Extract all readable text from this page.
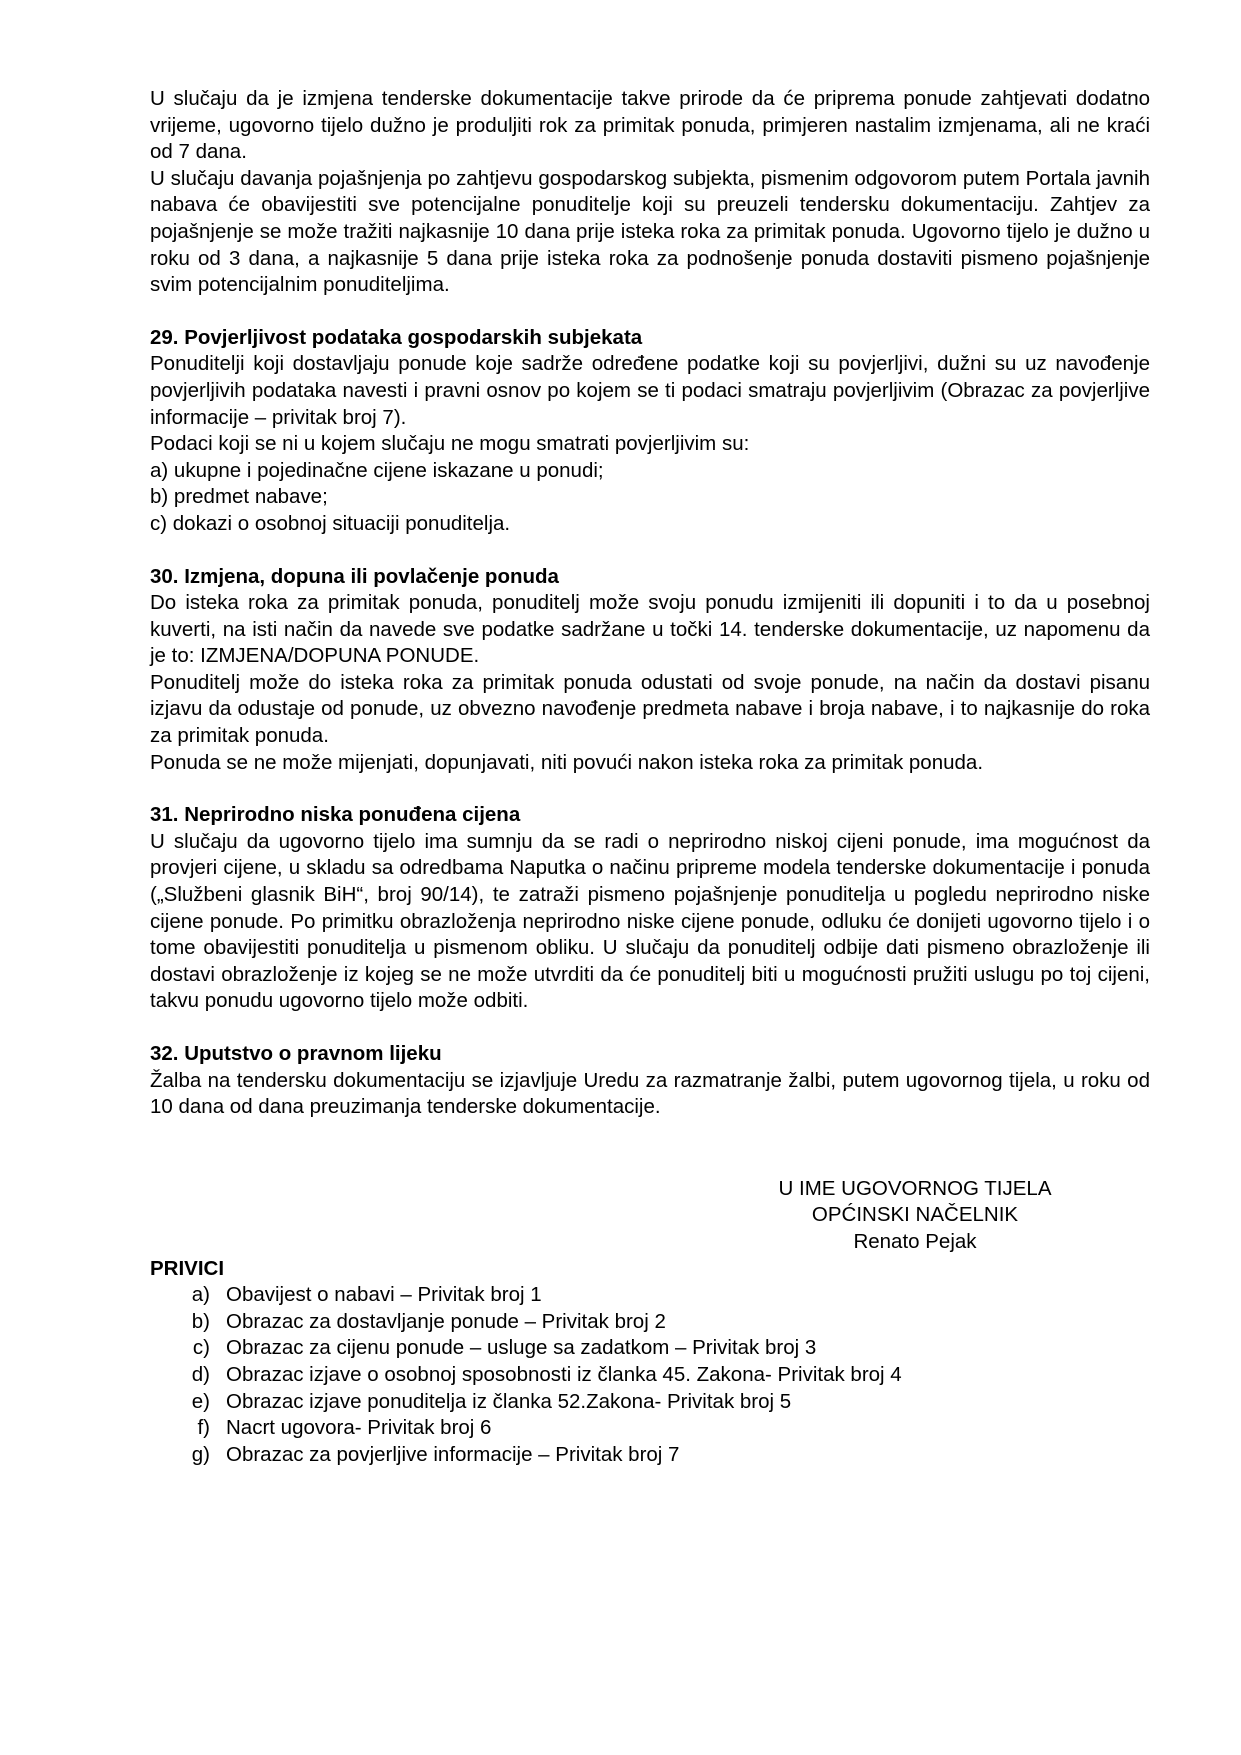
U slučaju da je izmjena tenderske dokumentacije takve prirode da će priprema ponude zahtjevati dodatno vrijeme, ugovorno tijelo dužno je produljiti rok za primitak ponuda, primjeren nastalim izmjenama, ali ne kraći od 7 dana.

U slučaju davanja pojašnjenja po zahtjevu gospodarskog subjekta, pismenim odgovorom putem Portala javnih nabava će obavijestiti sve potencijalne ponuditelje koji su preuzeli tendersku dokumentaciju. Zahtjev za pojašnjenje se može tražiti najkasnije 10 dana prije isteka roka za primitak ponuda. Ugovorno tijelo je dužno u roku od 3 dana, a najkasnije 5 dana prije isteka roka za podnošenje ponuda dostaviti pismeno pojašnjenje svim potencijalnim ponuditeljima.

29. Povjerljivost podataka gospodarskih subjekata

Ponuditelji koji dostavljaju ponude koje sadrže određene podatke koji su povjerljivi, dužni su uz navođenje povjerljivih podataka navesti i pravni osnov po kojem se ti podaci smatraju povjerljivim (Obrazac za povjerljive informacije – privitak broj 7).

Podaci koji se ni u kojem slučaju ne mogu smatrati povjerljivim su:

a) ukupne i pojedinačne cijene iskazane u ponudi;

b) predmet nabave;

c) dokazi o osobnoj situaciji ponuditelja.

30. Izmjena, dopuna ili povlačenje ponuda

Do isteka roka za primitak ponuda, ponuditelj može svoju ponudu izmijeniti ili dopuniti i to da u posebnoj kuverti, na isti način da navede sve podatke sadržane u točki 14. tenderske dokumentacije, uz napomenu da je to: IZMJENA/DOPUNA PONUDE.

Ponuditelj može do isteka roka za primitak ponuda odustati od svoje ponude, na način da dostavi pisanu izjavu da odustaje od ponude, uz obvezno navođenje predmeta nabave i broja nabave, i to najkasnije do roka za primitak ponuda.

Ponuda se ne može mijenjati, dopunjavati, niti povući nakon isteka roka za primitak ponuda.

31. Neprirodno niska ponuđena cijena

U slučaju da ugovorno tijelo ima sumnju da se radi o neprirodno niskoj cijeni ponude, ima mogućnost da provjeri cijene, u skladu sa odredbama Naputka o načinu pripreme modela tenderske dokumentacije i ponuda („Službeni glasnik BiH“, broj 90/14), te zatraži pismeno pojašnjenje ponuditelja u pogledu neprirodno niske cijene ponude. Po primitku obrazloženja neprirodno niske cijene ponude, odluku će donijeti ugovorno tijelo i o tome obavijestiti ponuditelja u pismenom obliku. U slučaju da ponuditelj odbije dati pismeno obrazloženje ili dostavi obrazloženje iz kojeg se ne može utvrditi da će ponuditelj biti u mogućnosti pružiti uslugu po toj cijeni, takvu ponudu ugovorno tijelo može odbiti.

32. Uputstvo o pravnom lijeku

Žalba na tendersku dokumentaciju se izjavljuje Uredu za razmatranje žalbi, putem ugovornog tijela, u roku od 10 dana od dana preuzimanja tenderske dokumentacije.

U IME UGOVORNOG TIJELA

OPĆINSKI NAČELNIK

Renato Pejak

PRIVICI

a) Obavijest o nabavi – Privitak broj 1
b) Obrazac za dostavljanje ponude – Privitak broj 2
c) Obrazac za cijenu ponude – usluge sa zadatkom – Privitak broj 3
d) Obrazac izjave o osobnoj sposobnosti iz članka 45. Zakona- Privitak broj 4
e) Obrazac izjave ponuditelja iz članka 52.Zakona- Privitak broj 5
f) Nacrt ugovora- Privitak broj 6
g) Obrazac za povjerljive informacije – Privitak broj 7
